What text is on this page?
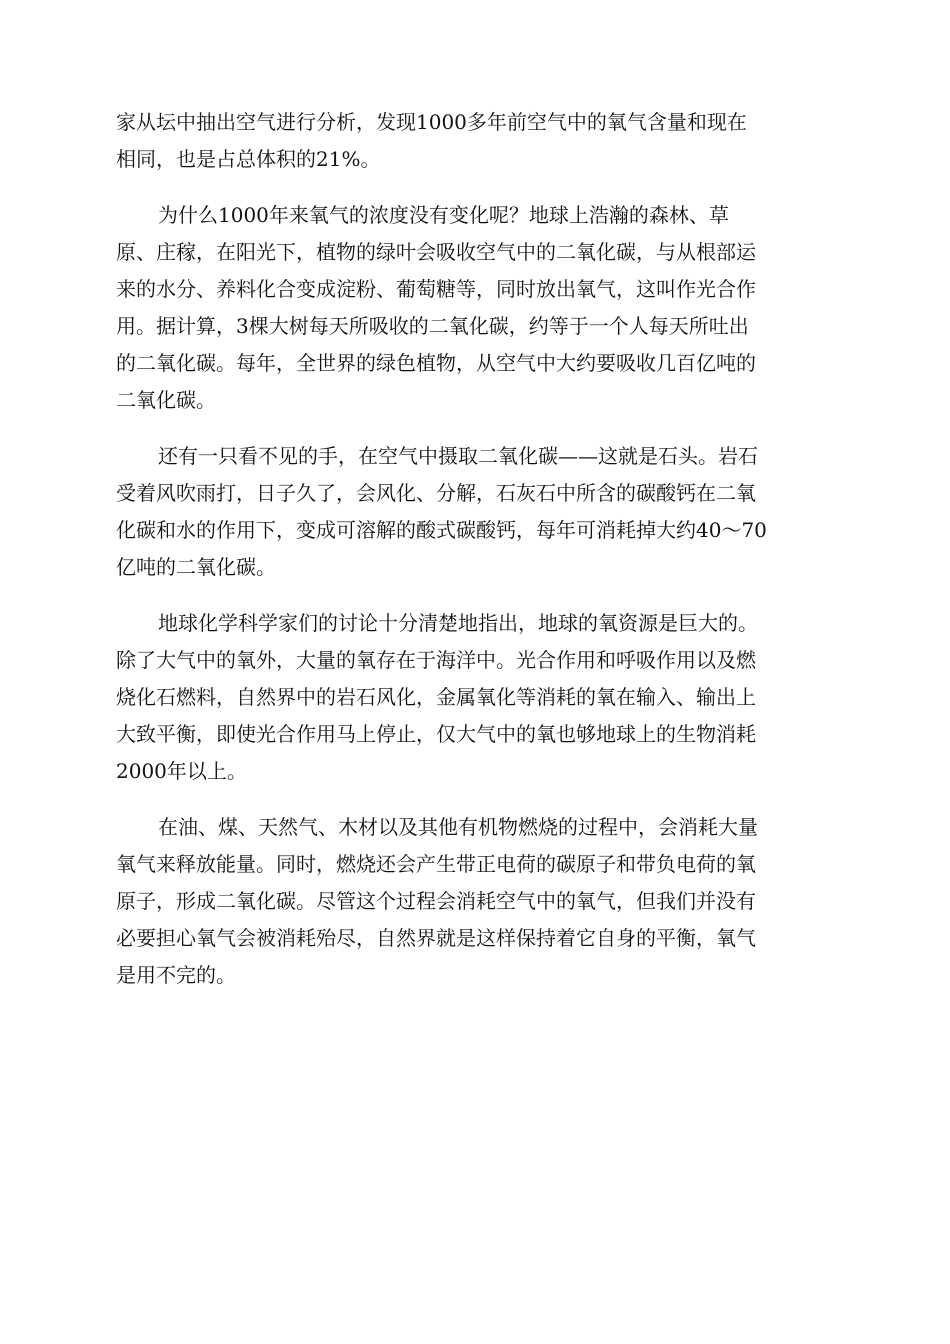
家从坛中抽出空气进行分析，发现1000多年前空气中的氧气含量和现在
相同，也是占总体积的21%。
为什么1000年来氧气的浓度没有变化呢？地球上浩瀚的森林、草
原、庄稼，在阳光下，植物的绿叶会吸收空气中的二氧化碳，与从根部运
来的水分、养料化合变成淀粉、葡萄糖等，同时放出氧气，这叫作光合作
用。据计算，3棵大树每天所吸收的二氧化碳，约等于一个人每天所吐出
的二氧化碳。每年，全世界的绿色植物，从空气中大约要吸收几百亿吨的
二氧化碳。
还有一只看不见的手，在空气中摄取二氧化碳——这就是石头。岩石
受着风吹雨打，日子久了，会风化、分解，石灰石中所含的碳酸钙在二氧
化碳和水的作用下，变成可溶解的酸式碳酸钙，每年可消耗掉大约40～70
亿吨的二氧化碳。
地球化学科学家们的讨论十分清楚地指出，地球的氧资源是巨大的。
除了大气中的氧外，大量的氧存在于海洋中。光合作用和呼吸作用以及燃
烧化石燃料，自然界中的岩石风化，金属氧化等消耗的氧在输入、输出上
大致平衡，即使光合作用马上停止，仅大气中的氧也够地球上的生物消耗
2000年以上。
在油、煤、天然气、木材以及其他有机物燃烧的过程中，会消耗大量
氧气来释放能量。同时，燃烧还会产生带正电荷的碳原子和带负电荷的氧
原子，形成二氧化碳。尽管这个过程会消耗空气中的氧气，但我们并没有
必要担心氧气会被消耗殆尽，自然界就是这样保持着它自身的平衡，氧气
是用不完的。
